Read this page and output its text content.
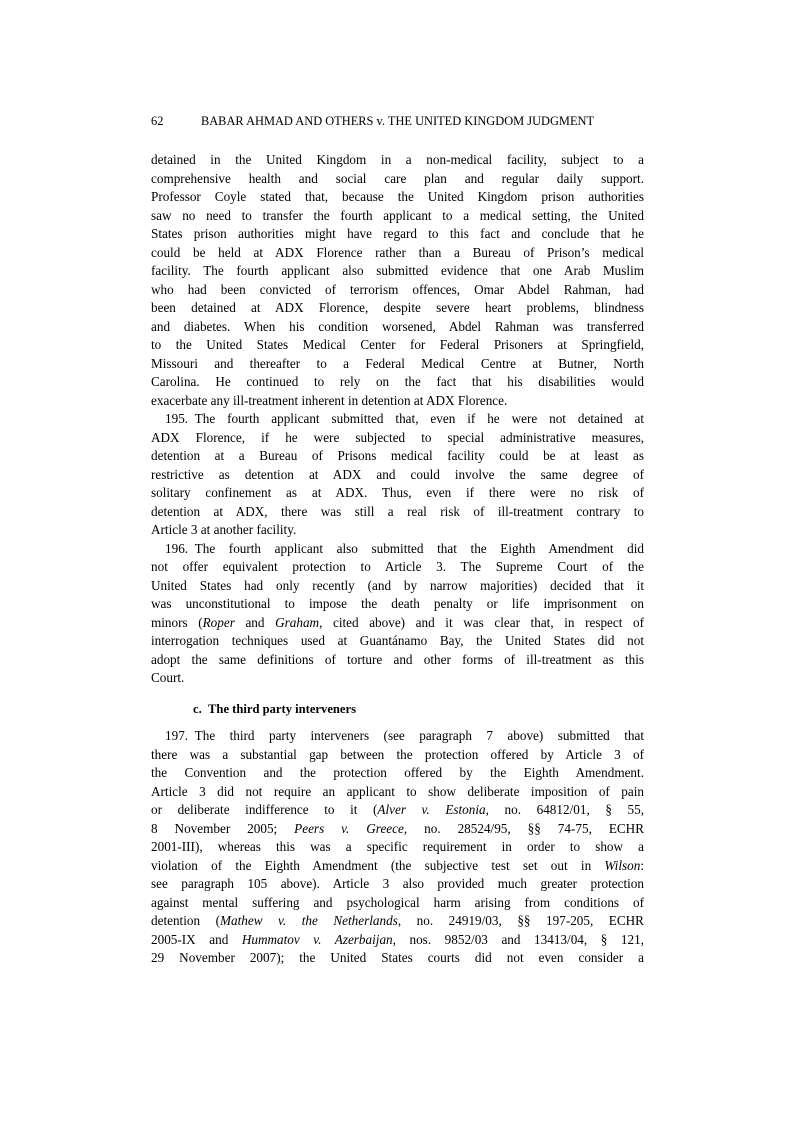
62	BABAR AHMAD AND OTHERS v. THE UNITED KINGDOM JUDGMENT
detained in the United Kingdom in a non-medical facility, subject to a
comprehensive health and social care plan and regular daily support.
Professor Coyle stated that, because the United Kingdom prison authorities
saw no need to transfer the fourth applicant to a medical setting, the United
States prison authorities might have regard to this fact and conclude that he
could be held at ADX Florence rather than a Bureau of Prison’s medical
facility. The fourth applicant also submitted evidence that one Arab Muslim
who had been convicted of terrorism offences, Omar Abdel Rahman, had
been detained at ADX Florence, despite severe heart problems, blindness
and diabetes. When his condition worsened, Abdel Rahman was transferred
to the United States Medical Center for Federal Prisoners at Springfield,
Missouri and thereafter to a Federal Medical Centre at Butner, North
Carolina. He continued to rely on the fact that his disabilities would
exacerbate any ill-treatment inherent in detention at ADX Florence.
195. The fourth applicant submitted that, even if he were not detained at
ADX Florence, if he were subjected to special administrative measures,
detention at a Bureau of Prisons medical facility could be at least as
restrictive as detention at ADX and could involve the same degree of
solitary confinement as at ADX. Thus, even if there were no risk of
detention at ADX, there was still a real risk of ill-treatment contrary to
Article 3 at another facility.
196. The fourth applicant also submitted that the Eighth Amendment did
not offer equivalent protection to Article 3. The Supreme Court of the
United States had only recently (and by narrow majorities) decided that it
was unconstitutional to impose the death penalty or life imprisonment on
minors (Roper and Graham, cited above) and it was clear that, in respect of
interrogation techniques used at Guantánamo Bay, the United States did not
adopt the same definitions of torture and other forms of ill-treatment as this
Court.
c. The third party interveners
197. The third party interveners (see paragraph 7 above) submitted that
there was a substantial gap between the protection offered by Article 3 of
the Convention and the protection offered by the Eighth Amendment.
Article 3 did not require an applicant to show deliberate imposition of pain
or deliberate indifference to it (Alver v. Estonia, no. 64812/01, § 55,
8 November 2005; Peers v. Greece, no. 28524/95, §§ 74-75, ECHR
2001-III), whereas this was a specific requirement in order to show a
violation of the Eighth Amendment (the subjective test set out in Wilson:
see paragraph 105 above). Article 3 also provided much greater protection
against mental suffering and psychological harm arising from conditions of
detention (Mathew v. the Netherlands, no. 24919/03, §§ 197-205, ECHR
2005-IX and Hummatov v. Azerbaijan, nos. 9852/03 and 13413/04, § 121,
29 November 2007); the United States courts did not even consider a
